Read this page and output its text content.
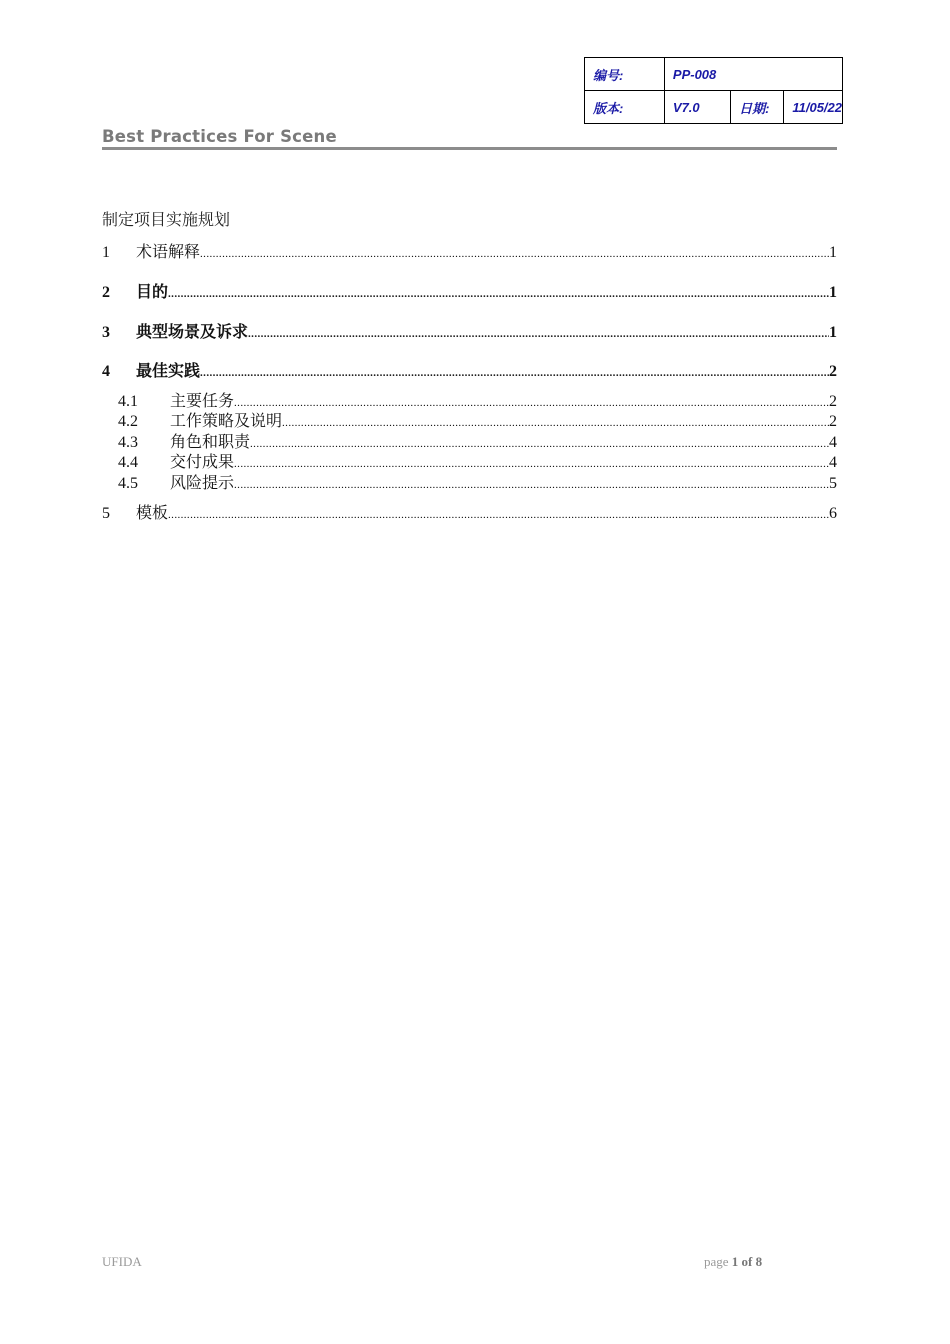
编号:	PP-008		
版本:	V7.0	日期:	11/05/22
Best Practices For Scene
制定项目实施规划
1	术语解释 .....	1
2	目的 .....	1
3	典型场景及诉求 .....	1
4	最佳实践 .....	2
4.1	主要任务 .....	2
4.2	工作策略及说明 .....	2
4.3	角色和职责 .....	4
4.4	交付成果 .....	4
4.5	风险提示 .....	5
5	模板 .....	6
UFIDA	page 1 of 8
